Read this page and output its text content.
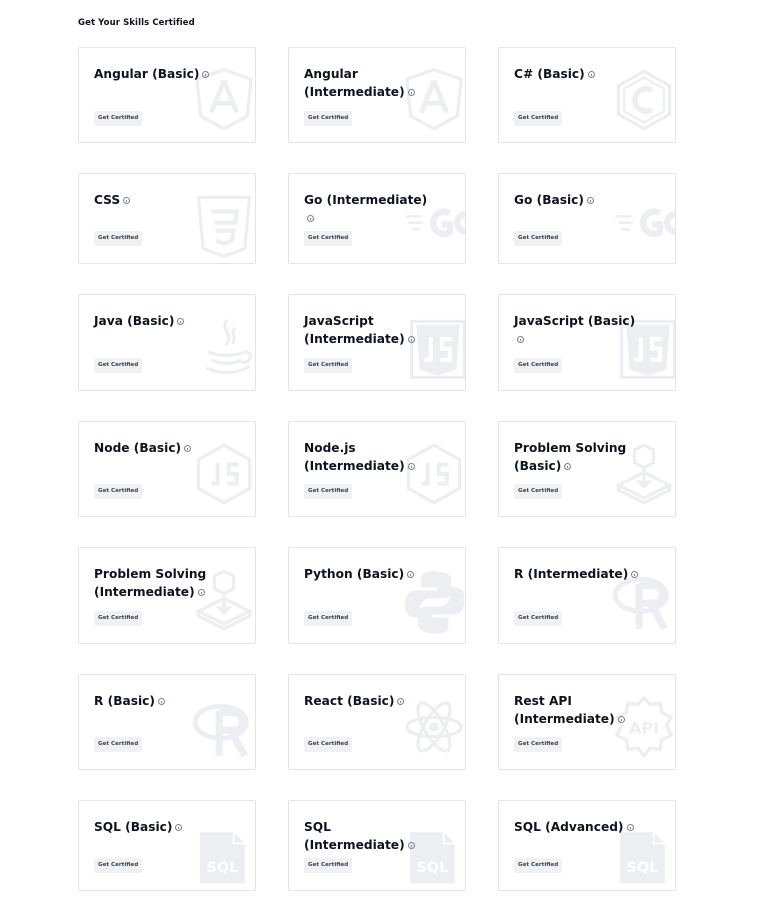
Get Your Skills Certified
Angular (Basic)
Get Certified
Angular (Intermediate)
Get Certified
C# (Basic)
Get Certified
CSS
Get Certified
Go (Intermediate)
Get Certified
Go (Basic)
Get Certified
Java (Basic)
Get Certified
JavaScript (Intermediate)
Get Certified
JavaScript (Basic)
Get Certified
Node (Basic)
Get Certified
Node.js (Intermediate)
Get Certified
Problem Solving (Basic)
Get Certified
Problem Solving (Intermediate)
Get Certified
Python (Basic)
Get Certified
R (Intermediate)
Get Certified
R (Basic)
Get Certified
React (Basic)
Get Certified
Rest API (Intermediate)
Get Certified
API
SQL (Basic)
Get Certified	SQL
SQL (Intermediate)
Get Certified	SQL
SQL (Advanced)
Get Certified	SQL
